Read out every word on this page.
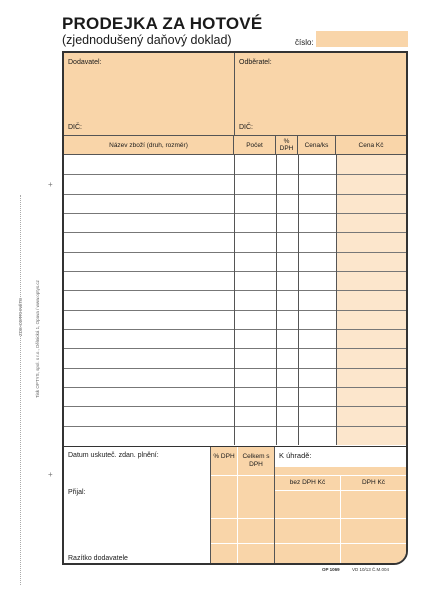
PRODEJKA ZA HOTOVÉ
(zjednodušený daňový doklad)	číslo:
ZDE ODTRHNĚTE	Tisk OPTYS, spol. s r.o., Dělnická 1, Opava / www.optys.cz
+
+
Dodavatel:
DIČ:
Odběratel:
DIČ:
Název zboží (druh, rozměr)	Počet	% DPH	Cena/ks	Cena Kč
Datum uskuteč. zdan. plnění:
Přijal:
Razítko dodavatele
% DPH	Celkem s DPH
K úhradě:
bez DPH Kč	DPH Kč
OP 1069	VD 10/13 Č.M.004
